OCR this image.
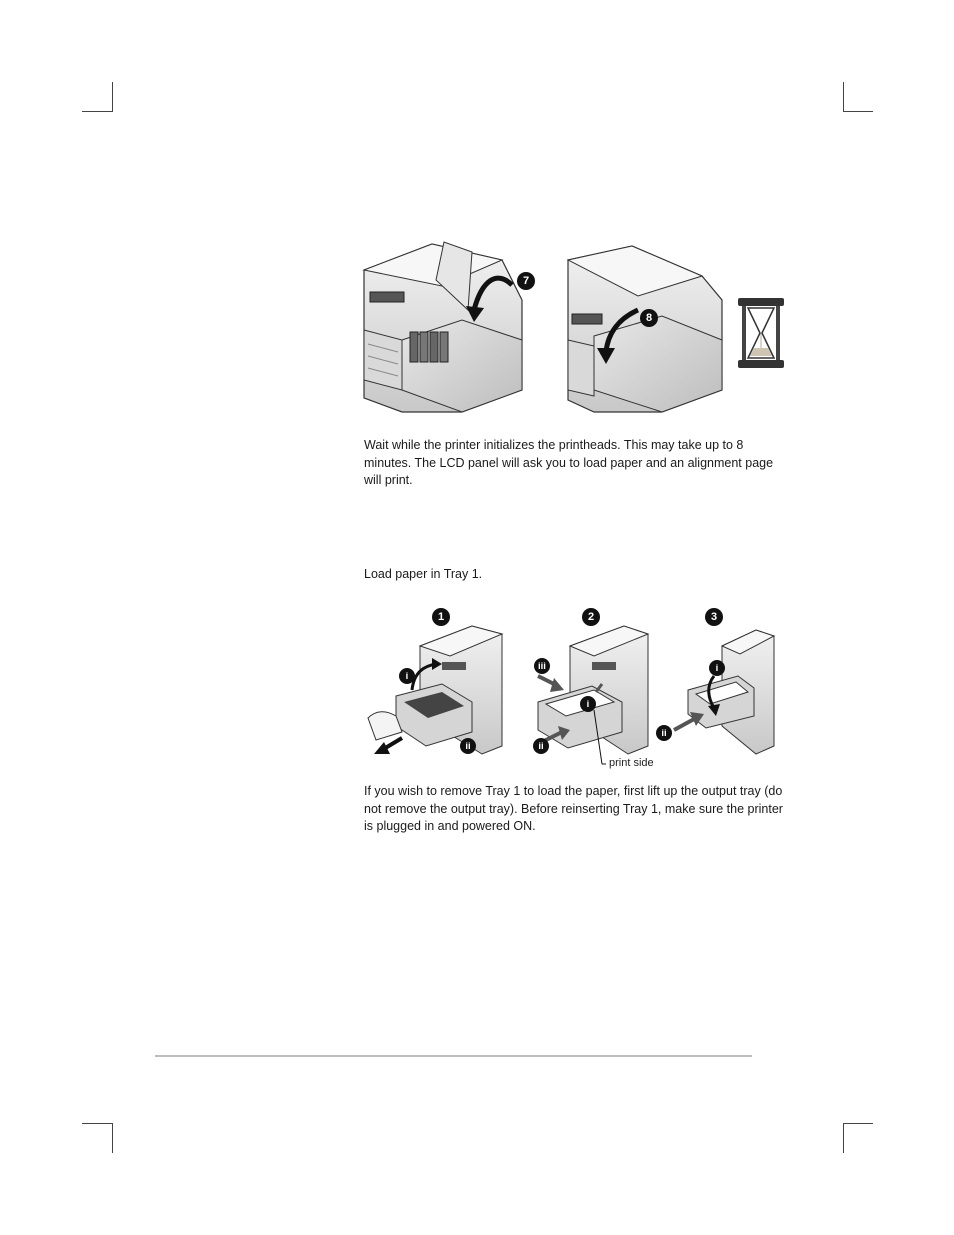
7
8
Wait while the printer initializes the printheads. This may take up to 8 minutes. The LCD panel will ask you to load paper and an alignment page will print.
Load paper in Tray 1.
1	2	3
i
ii
iii
i
ii
i
ii
print side
If you wish to remove Tray 1 to load the paper, first lift up the output tray (do not remove the output tray). Before reinserting Tray 1, make sure the printer is plugged in and powered ON.
